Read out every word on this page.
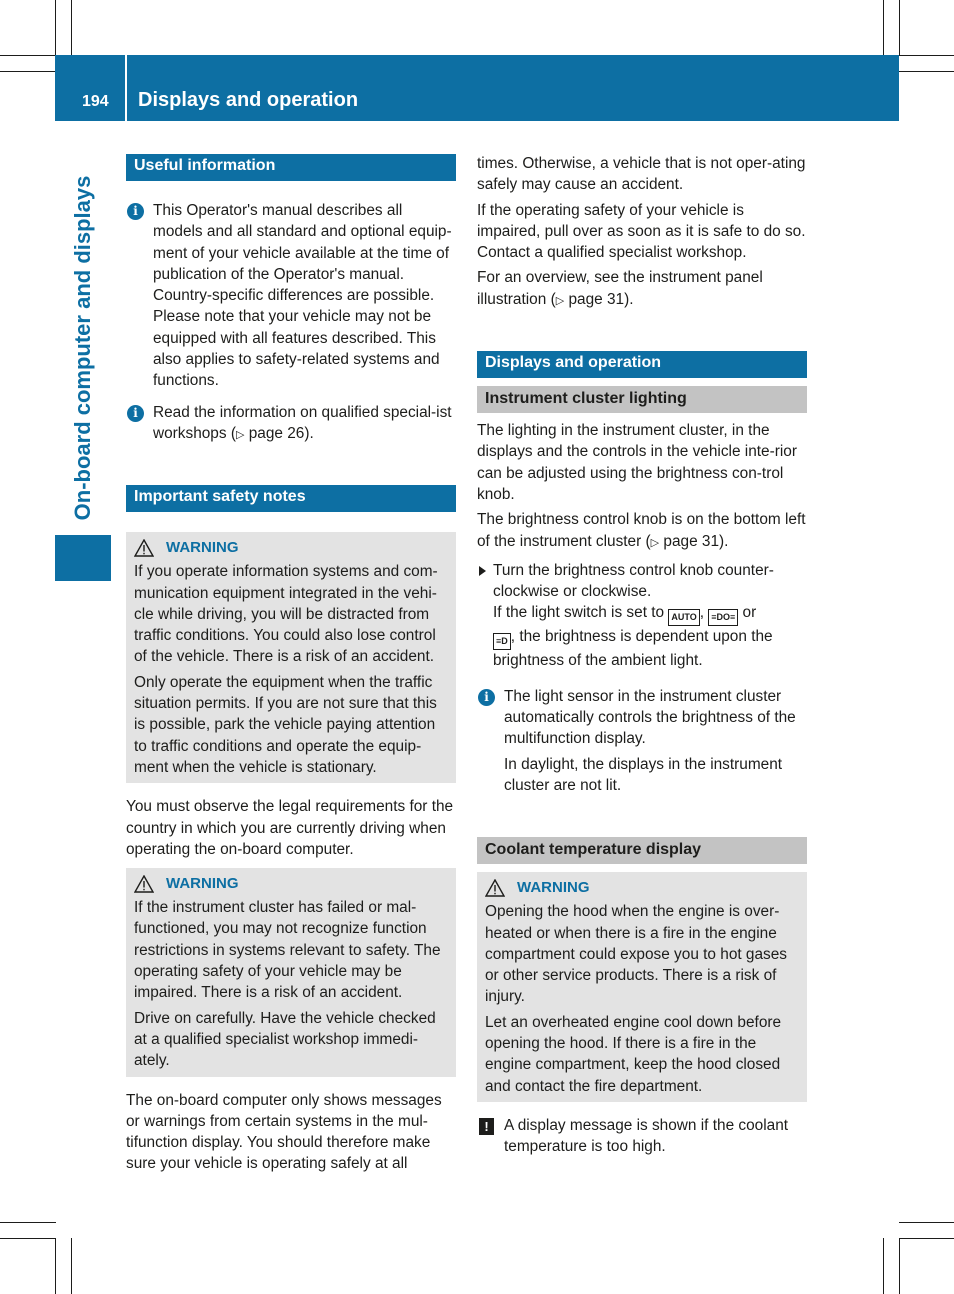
194 Displays and operation
On-board computer and displays
Useful information
i This Operator's manual describes all models and all standard and optional equip-ment of your vehicle available at the time of publication of the Operator's manual. Country-specific differences are possible. Please note that your vehicle may not be equipped with all features described. This also applies to safety-related systems and functions.
i Read the information on qualified special-ist workshops (▷ page 26).
Important safety notes
WARNING
If you operate information systems and com-munication equipment integrated in the vehi-cle while driving, you will be distracted from traffic conditions. You could also lose control of the vehicle. There is a risk of an accident.
Only operate the equipment when the traffic situation permits. If you are not sure that this is possible, park the vehicle paying attention to traffic conditions and operate the equip-ment when the vehicle is stationary.
You must observe the legal requirements for the country in which you are currently driving when operating the on-board computer.
WARNING
If the instrument cluster has failed or mal-functioned, you may not recognize function restrictions in systems relevant to safety. The operating safety of your vehicle may be impaired. There is a risk of an accident.
Drive on carefully. Have the vehicle checked at a qualified specialist workshop immedi-ately.
The on-board computer only shows messages or warnings from certain systems in the mul-tifunction display. You should therefore make sure your vehicle is operating safely at all
times. Otherwise, a vehicle that is not oper-ating safely may cause an accident.
If the operating safety of your vehicle is impaired, pull over as soon as it is safe to do so. Contact a qualified specialist workshop.
For an overview, see the instrument panel illustration (▷ page 31).
Displays and operation
Instrument cluster lighting
The lighting in the instrument cluster, in the displays and the controls in the vehicle inte-rior can be adjusted using the brightness con-trol knob.
The brightness control knob is on the bottom left of the instrument cluster (▷ page 31).
Turn the brightness control knob counter-clockwise or clockwise.
If the light switch is set to AUTO , ≡DO≡ or
≡D , the brightness is dependent upon the brightness of the ambient light.
i The light sensor in the instrument cluster automatically controls the brightness of the multifunction display.
In daylight, the displays in the instrument cluster are not lit.
Coolant temperature display
WARNING
Opening the hood when the engine is over-heated or when there is a fire in the engine compartment could expose you to hot gases or other service products. There is a risk of injury.
Let an overheated engine cool down before opening the hood. If there is a fire in the engine compartment, keep the hood closed and contact the fire department.
! A display message is shown if the coolant temperature is too high.
